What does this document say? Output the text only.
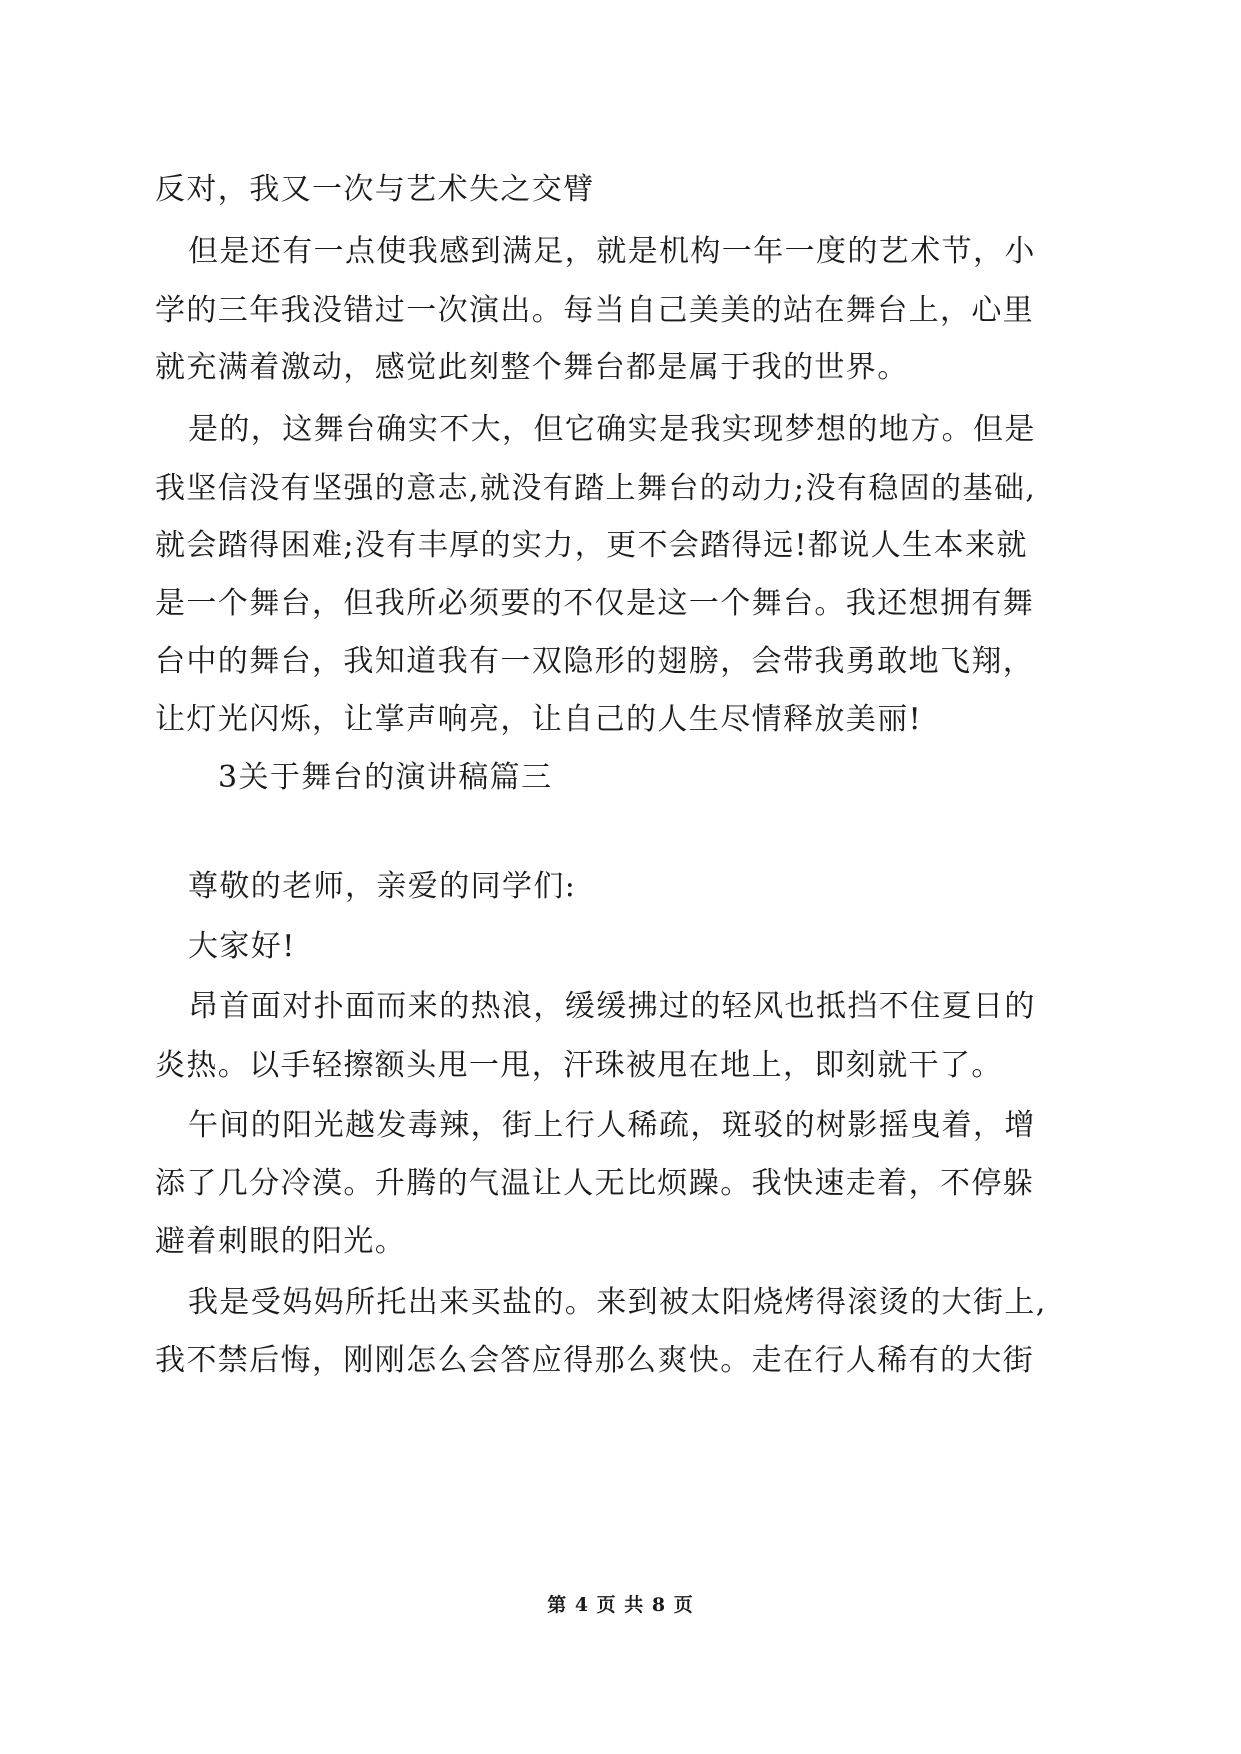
反对，我又一次与艺术失之交臂
但是还有一点使我感到满足，就是机构一年一度的艺术节，小
学的三年我没错过一次演出。每当自己美美的站在舞台上，心里
就充满着激动，感觉此刻整个舞台都是属于我的世界。
是的，这舞台确实不大，但它确实是我实现梦想的地方。但是
我坚信没有坚强的意志,就没有踏上舞台的动力;没有稳固的基础,
就会踏得困难;没有丰厚的实力，更不会踏得远!都说人生本来就
是一个舞台，但我所必须要的不仅是这一个舞台。我还想拥有舞
台中的舞台，我知道我有一双隐形的翅膀，会带我勇敢地飞翔，
让灯光闪烁，让掌声响亮，让自己的人生尽情释放美丽!
3关于舞台的演讲稿篇三
尊敬的老师，亲爱的同学们:
大家好!
昂首面对扑面而来的热浪，缓缓拂过的轻风也抵挡不住夏日的
炎热。以手轻擦额头甩一甩，汗珠被甩在地上，即刻就干了。
午间的阳光越发毒辣，街上行人稀疏，斑驳的树影摇曳着，增
添了几分冷漠。升腾的气温让人无比烦躁。我快速走着，不停躲
避着刺眼的阳光。
我是受妈妈所托出来买盐的。来到被太阳烧烤得滚烫的大街上,
我不禁后悔，刚刚怎么会答应得那么爽快。走在行人稀有的大街
第 4 页 共 8 页
